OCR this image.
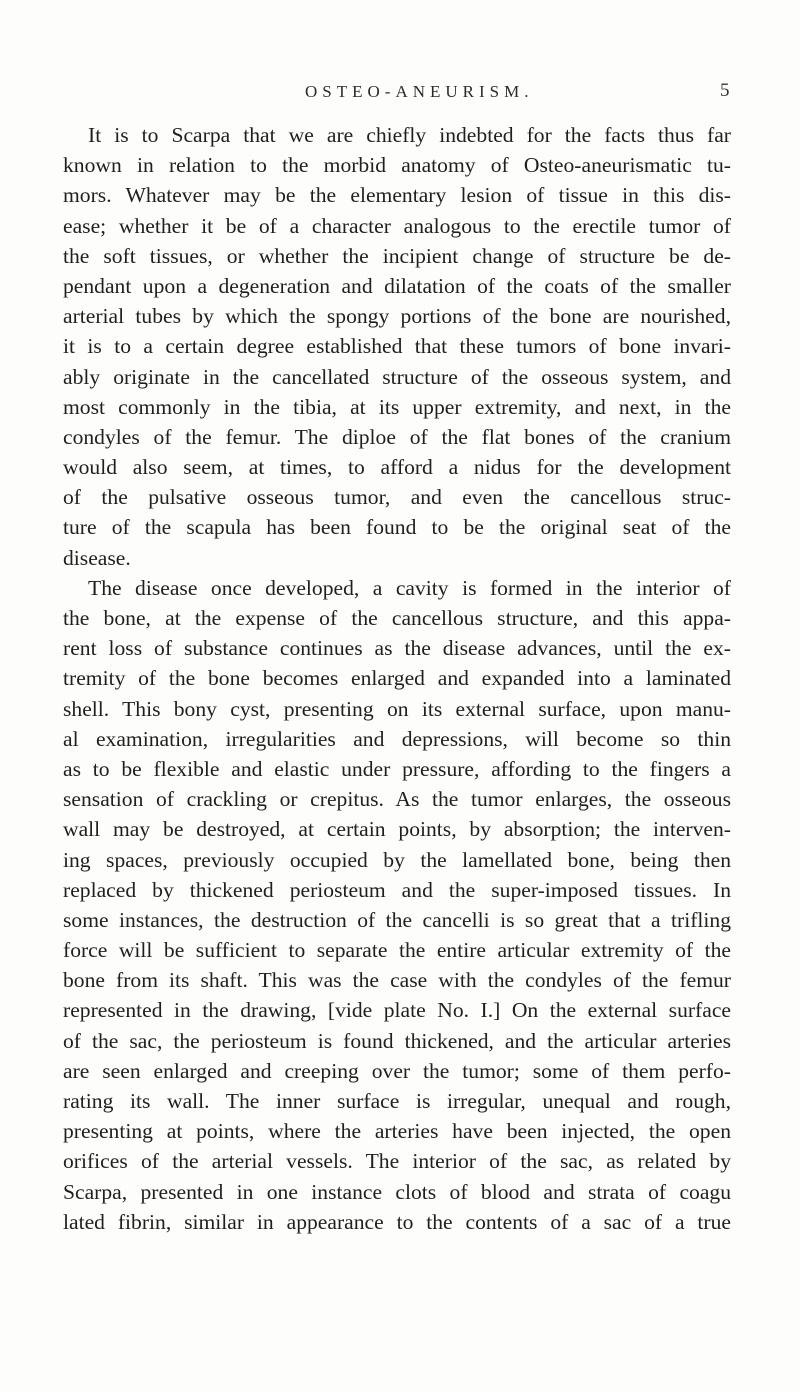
OSTEO-ANEURISM.	5

It is to Scarpa that we are chiefly indebted for the facts thus far
known in relation to the morbid anatomy of Osteo-aneurismatic tu-
mors. Whatever may be the elementary lesion of tissue in this dis-
ease; whether it be of a character analogous to the erectile tumor of
the soft tissues, or whether the incipient change of structure be de-
pendant upon a degeneration and dilatation of the coats of the smaller
arterial tubes by which the spongy portions of the bone are nourished,
it is to a certain degree established that these tumors of bone invari-
ably originate in the cancellated structure of the osseous system, and
most commonly in the tibia, at its upper extremity, and next, in the
condyles of the femur. The diploe of the flat bones of the cranium
would also seem, at times, to afford a nidus for the development
of the pulsative osseous tumor, and even the cancellous struc-
ture of the scapula has been found to be the original seat of the
disease.

The disease once developed, a cavity is formed in the interior of
the bone, at the expense of the cancellous structure, and this appa-
rent loss of substance continues as the disease advances, until the ex-
tremity of the bone becomes enlarged and expanded into a laminated
shell. This bony cyst, presenting on its external surface, upon manu-
al examination, irregularities and depressions, will become so thin
as to be flexible and elastic under pressure, affording to the fingers a
sensation of crackling or crepitus. As the tumor enlarges, the osseous
wall may be destroyed, at certain points, by absorption; the interven-
ing spaces, previously occupied by the lamellated bone, being then
replaced by thickened periosteum and the super-imposed tissues. In
some instances, the destruction of the cancelli is so great that a trifling
force will be sufficient to separate the entire articular extremity of the
bone from its shaft. This was the case with the condyles of the femur
represented in the drawing, [vide plate No. I.] On the external surface
of the sac, the periosteum is found thickened, and the articular arteries
are seen enlarged and creeping over the tumor; some of them perfo-
rating its wall. The inner surface is irregular, unequal and rough,
presenting at points, where the arteries have been injected, the open
orifices of the arterial vessels. The interior of the sac, as related by
Scarpa, presented in one instance clots of blood and strata of coagu
lated fibrin, similar in appearance to the contents of a sac of a true
